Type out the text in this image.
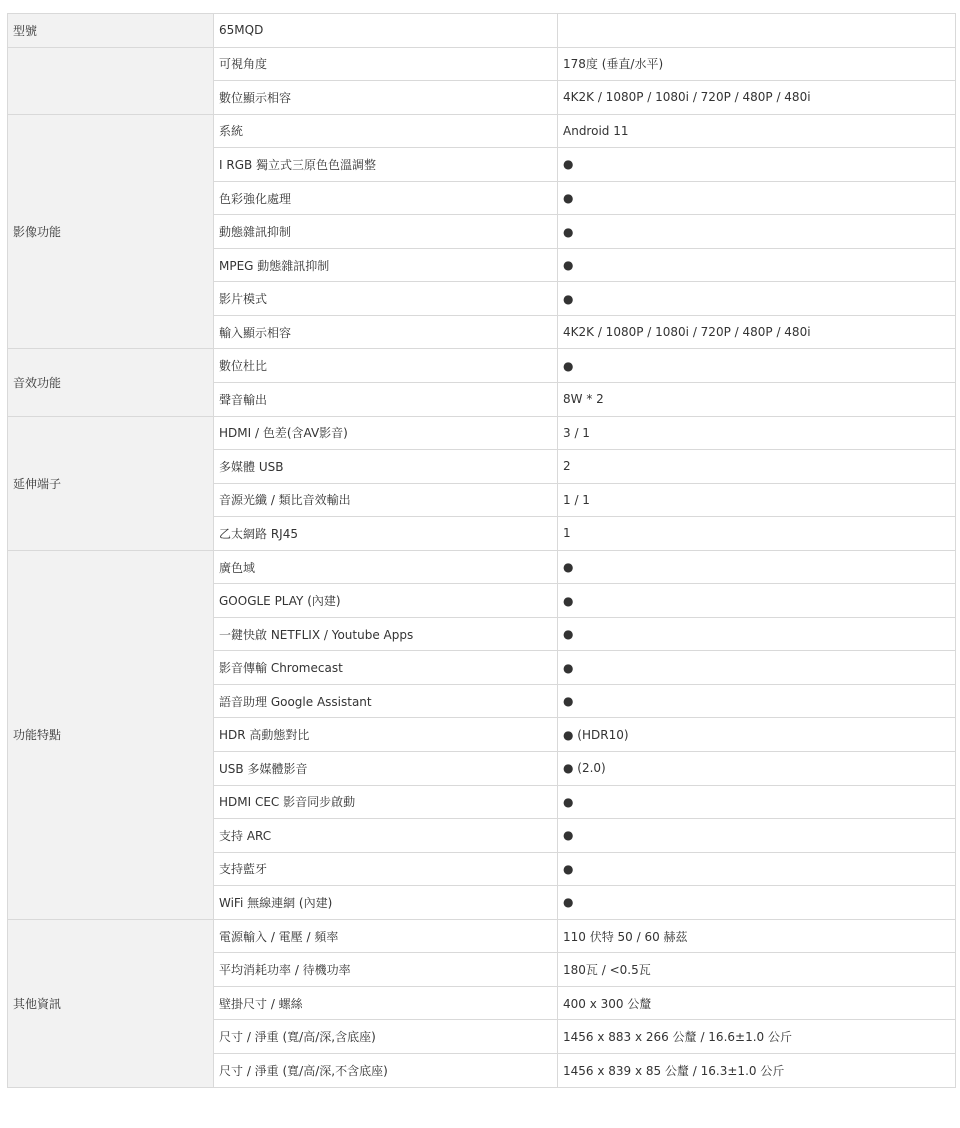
型號	65MQD	
	可視角度	178度 (垂直/水平)
	數位顯示相容	4K2K / 1080P / 1080i / 720P / 480P / 480i
影像功能	系統	Android 11
	I RGB 獨立式三原色色溫調整	●
	色彩強化處理	●
	動態雜訊抑制	●
	MPEG 動態雜訊抑制	●
	影片模式	●
	輸入顯示相容	4K2K / 1080P / 1080i / 720P / 480P / 480i
音效功能	數位杜比	●
	聲音輸出	8W * 2
延伸端子	HDMI / 色差(含AV影音)	3 / 1
	多媒體 USB	2
	音源光纖 / 類比音效輸出	1 / 1
	乙太網路 RJ45	1
功能特點	廣色域	●
	GOOGLE PLAY (內建)	●
	一鍵快啟 NETFLIX / Youtube Apps	●
	影音傳輸 Chromecast	●
	語音助理 Google Assistant	●
	HDR 高動態對比	● (HDR10)
	USB 多媒體影音	● (2.0)
	HDMI CEC 影音同步啟動	●
	支持 ARC	●
	支持藍牙	●
	WiFi 無線連網 (內建)	●
其他資訊	電源輸入 / 電壓 / 頻率	110 伏特 50 / 60 赫茲
	平均消耗功率 / 待機功率	180瓦 / <0.5瓦
	壁掛尺寸 / 螺絲	400 x 300 公釐
	尺寸 / 淨重 (寬/高/深,含底座)	1456 x 883 x 266 公釐 / 16.6±1.0 公斤
	尺寸 / 淨重 (寬/高/深,不含底座)	1456 x 839 x 85 公釐 / 16.3±1.0 公斤
